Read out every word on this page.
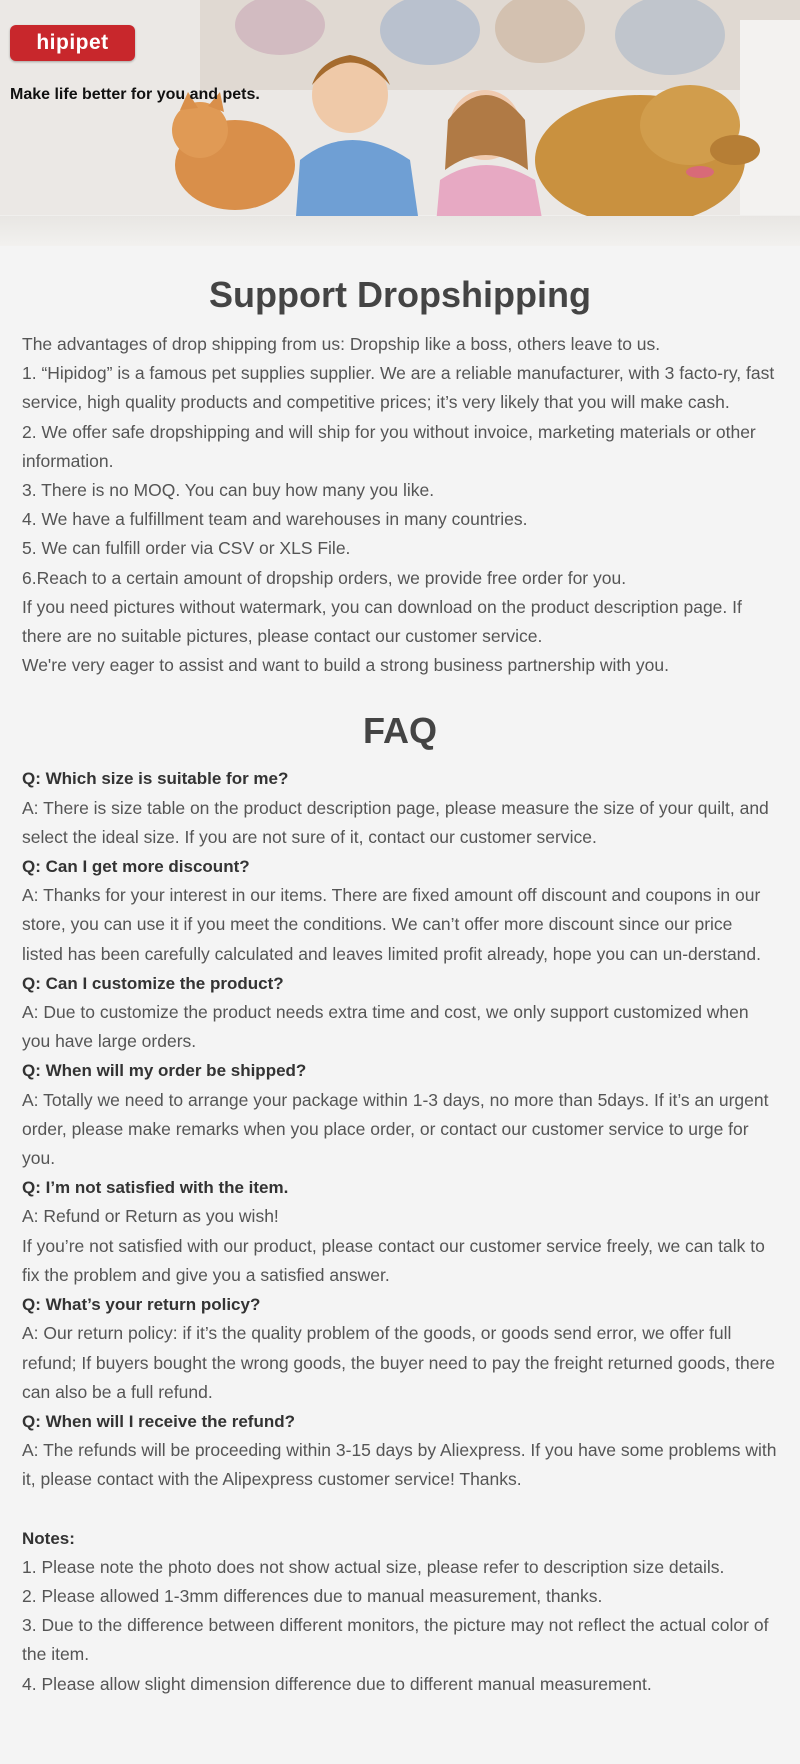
hipipet
Make life better for you and pets.
Support Dropshipping

The advantages of drop shipping from us: Dropship like a boss, others leave to us.

1. “Hipidog” is a famous pet supplies supplier. We are a reliable manufacturer, with 3 facto-ry, fast service, high quality products and competitive prices; it’s very likely that you will make cash.

2. We offer safe dropshipping and will ship for you without invoice, marketing materials or other information.

3. There is no MOQ. You can buy how many you like.

4. We have a fulfillment team and warehouses in many countries.

5. We can fulfill order via CSV or XLS File.

6.Reach to a certain amount of dropship orders, we provide free order for you.

If you need pictures without watermark, you can download on the product description page. If there are no suitable pictures, please contact our customer service.

We're very eager to assist and want to build a strong business partnership with you.

FAQ

Q: Which size is suitable for me?

A: There is size table on the product description page, please measure the size of your quilt, and select the ideal size. If you are not sure of it, contact our customer service.

Q: Can I get more discount?

A: Thanks for your interest in our items. There are fixed amount off discount and coupons in our store, you can use it if you meet the conditions. We can’t offer more discount since our price listed has been carefully calculated and leaves limited profit already, hope you can un-derstand.

Q: Can I customize the product?

A: Due to customize the product needs extra time and cost, we only support customized when you have large orders.

Q: When will my order be shipped?

A: Totally we need to arrange your package within 1-3 days, no more than 5days. If it’s an urgent order, please make remarks when you place order, or contact our customer service to urge for you.

Q: I’m not satisfied with the item.

A: Refund or Return as you wish!

If you’re not satisfied with our product, please contact our customer service freely, we can talk to fix the problem and give you a satisfied answer.

Q: What’s your return policy?

A: Our return policy: if it’s the quality problem of the goods, or goods send error, we offer full refund; If buyers bought the wrong goods, the buyer need to pay the freight returned goods, there can also be a full refund.

Q: When will I receive the refund?

A: The refunds will be proceeding within 3-15 days by Aliexpress. If you have some problems with it, please contact with the Alipexpress customer service! Thanks.

Notes:

1. Please note the photo does not show actual size, please refer to description size details.

2. Please allowed 1-3mm differences due to manual measurement, thanks.

3. Due to the difference between different monitors, the picture may not reflect the actual color of the item.

4. Please allow slight dimension difference due to different manual measurement.
